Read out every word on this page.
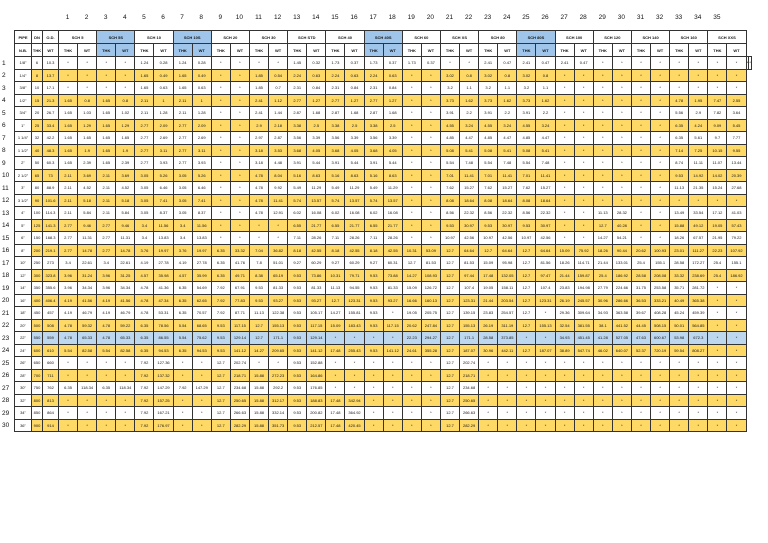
1 2 3 4 5 6 7 8 9 10 11 12 13 14 15 16 17 18 19 20 21 22 23 24 25 26 27 28 29 30 31 32 33 34 35
1
2
3
4
5
6
7
8
9
10
11
12
13
14
15
16
17
18
19
20
21
22
23
24
25
26
27
28
29
30
PIPE	DN	O.D.	SCH 5		SCH 5S		SCH 10		SCH 10S		SCH 20		SCH 30		SCH STD		SCH 40		SCH 40S		SCH 60		SCH XS		SCH 80		SCH 80S		SCH 100		SCH 120		SCH 140		SCH 160		SCH XXS			
N.B.	THK	WT	THK	WT	THK	WT	THK	WT	THK	WT	THK	WT	THK	WT	THK	WT	THK	WT	THK	WT	THK	WT	THK	WT	THK	WT	THK	WT	THK	WT	THK	WT	THK	WT	THK	WT	THK	WT		
1/8"	6	10.3	*	*	*	*	1.24	0.28	1.24	0.28	*	*	*	*	1.45	0.32	1.73	0.37	1.73	0.37	1.73	0.37	*	*	2.41	0.47	2.41	0.47	2.41	0.47	*	*	*	*	*	*	*	*	*	*
1/4"	8	13.7	*	*	*	*	1.65	0.49	1.65	0.49	*	*	1.85	0.54	2.24	0.63	2.24	0.63	2.24	0.63	*	*	3.02	0.8	3.02	0.8	3.02	0.8	*	*	*	*	*	*	*	*	*	*		
3/8"	10	17.1	*	*	*	*	1.65	0.63	1.65	0.63	*	*	1.85	0.7	2.31	0.84	2.31	0.84	2.31	0.84	*	*	3.2	1.1	3.2	1.1	3.2	1.1	*	*	*	*	*	*	*	*	*	*		
1/2"	15	21.3	1.65	0.8	1.65	0.8	2.11	1	2.11	1	*	*	2.41	1.12	2.77	1.27	2.77	1.27	2.77	1.27	*	*	3.73	1.62	3.73	1.62	3.73	1.62	*	*	*	*	*	*	4.78	1.95	7.47	2.55		
3/4"	20	26.7	1.65	1.03	1.65	1.02	2.11	1.28	2.11	1.28	*	*	2.41	1.44	2.87	1.68	2.87	1.68	2.87	1.68	*	*	3.91	2.2	3.91	2.2	3.91	2.2	*	*	*	*	*	*	5.56	2.9	7.82	3.64		
1"	25	33.4	1.65	1.29	1.65	1.29	2.77	2.09	2.77	2.09	*	*	2.9	2.18	3.38	2.5	3.38	2.5	3.38	2.5	*	*	4.55	3.24	4.55	3.24	4.55	3.24	*	*	*	*	*	*	6.35	4.24	9.09	5.45		
1 1/4"	32	42.2	1.65	1.65	1.65	1.65	2.77	2.69	2.77	2.69	*	*	2.97	2.87	3.56	3.39	3.56	3.39	3.56	3.39	*	*	4.85	4.47	4.85	4.47	4.85	4.47	*	*	*	*	*	*	6.35	5.61	9.7	7.77		
1 1/2"	40	48.3	1.65	1.9	1.65	1.9	2.77	3.11	2.77	3.11	*	*	3.18	3.53	3.68	4.05	3.68	4.05	3.68	4.05	*	*	5.08	5.41	5.08	5.41	5.08	5.41	*	*	*	*	*	*	7.14	7.25	10.15	9.55		
2"	50	60.3	1.65	2.39	1.65	2.39	2.77	3.93	2.77	3.93	*	*	3.18	4.48	3.91	5.44	3.91	5.44	3.91	5.44	*	*	5.54	7.48	5.54	7.48	5.54	7.48	*	*	*	*	*	*	8.74	11.11	11.07	13.44		
2 1/2"	65	73	2.11	3.69	2.11	3.69	3.05	5.26	3.05	5.26	*	*	4.78	8.04	5.16	8.63	5.16	8.63	5.16	8.63	*	*	7.01	11.41	7.01	11.41	7.01	11.41	*	*	*	*	*	*	9.53	14.92	14.02	20.39		
3"	80	88.9	2.11	4.52	2.11	4.52	3.05	6.46	3.05	6.46	*	*	4.78	9.92	5.49	11.29	5.49	11.29	5.49	11.29	*	*	7.62	15.27	7.62	15.27	7.62	15.27	*	*	*	*	*	*	11.13	21.35	15.24	27.68		
3 1/2"	90	101.6	2.11	5.18	2.11	5.18	3.05	7.41	3.05	7.41	*	*	4.78	11.41	5.74	13.57	5.74	13.57	5.74	13.57	*	*	8.08	18.64	8.08	18.64	8.08	18.64	*	*	*	*	*	*	*	*	*	*		
4"	100	114.3	2.11	5.84	2.11	5.84	3.05	8.37	3.05	8.37	*	*	4.78	12.91	6.02	16.08	6.02	16.08	6.02	16.08	*	*	8.56	22.32	8.56	22.32	8.56	22.32	*	*	11.13	28.32	*	*	13.49	33.54	17.12	41.03		
5"	125	141.3	2.77	9.46	2.77	9.46	3.4	11.56	3.4	11.56	*	*	*	*	6.55	21.77	6.55	21.77	6.55	21.77	*	*	9.53	30.97	9.53	30.97	9.53	30.97	*	*	12.7	40.28	*	*	15.88	49.12	19.05	57.43		
6"	150	168.3	2.77	11.31	2.77	11.31	3.4	13.83	3.4	13.83	*	*	*	*	7.11	28.26	7.11	28.26	7.11	28.26	*	*	10.97	42.56	10.97	42.56	10.97	42.56	*	*	14.27	54.21	*	*	18.26	67.57	21.95	79.22		
8"	200	219.1	2.77	14.78	2.77	14.78	3.76	19.97	3.76	19.97	6.35	33.32	7.04	36.82	8.18	42.55	8.18	42.55	8.18	42.55	10.31	53.09	12.7	64.64	12.7	64.64	12.7	64.64	15.09	75.92	18.26	90.44	20.62	100.93	23.01	111.27	22.23	107.92		
10"	250	273	3.4	22.61	3.4	22.61	4.19	27.78	4.19	27.78	6.35	41.76	7.8	51.01	9.27	60.29	9.27	60.29	9.27	60.31	12.7	81.53	12.7	81.53	15.09	95.98	12.7	81.56	18.26	114.71	21.44	133.01	25.4	155.1	28.58	172.27	25.4	155.1		
12"	300	323.8	3.96	31.24	3.96	31.25	4.57	35.98	4.57	35.99	6.35	49.71	8.38	65.19	9.53	73.86	10.31	79.71	9.53	73.88	14.27	108.93	12.7	97.44	17.48	132.05	12.7	97.47	21.44	159.87	25.4	186.92	28.58	208.08	33.32	238.69	25.4	186.92		
14"	350	355.6	3.96	34.34	3.96	34.34	4.78	41.36	6.35	54.69	7.92	67.91	9.53	81.33	9.53	81.33	11.13	94.55	9.53	81.33	15.09	126.72	12.7	107.4	19.05	158.11	12.7	107.4	23.83	194.98	27.79	224.66	31.75	253.58	35.71	281.72	*	*		
16"	400	406.4	4.19	41.56	4.19	41.56	4.78	47.34	6.35	62.65	7.92	77.83	9.53	93.27	9.53	93.27	12.7	123.31	9.53	93.27	16.66	160.13	12.7	123.31	21.44	203.54	12.7	123.31	26.19	245.57	30.96	286.66	36.53	333.21	40.49	365.38	*	*		
18"	450	457	4.19	46.79	4.19	46.79	4.78	53.31	6.35	70.57	7.92	87.71	11.13	122.38	9.53	105.17	14.27	155.81	9.53	*	19.05	205.75	12.7	139.15	23.83	254.57	12.7	*	29.36	309.64	34.93	363.58	39.67	408.28	45.24	459.39	*	*		
20"	500	508	4.78	59.32	4.78	59.22	6.35	78.56	5.54	68.65	9.53	117.15	12.7	155.13	9.53	117.15	15.09	183.43	9.53	117.15	20.62	247.84	12.7	155.13	26.19	311.19	12.7	155.13	32.54	381.55	38.1	441.52	44.45	508.15	50.01	564.85	*	*		
22"	550	559	4.78	65.33	4.78	65.33	6.35	86.55	5.54	75.62	9.53	129.14	12.7	171.1	9.53	129.14	*	*	*	*	22.23	294.27	12.7	171.1	28.58	373.85	*	*	34.93	451.45	41.28	527.05	47.63	600.67	53.98	672.3	*	*		
24"	600	610	5.54	82.58	5.54	82.58	6.35	94.53	6.35	94.53	9.53	141.12	14.27	209.65	9.53	141.12	17.48	255.43	9.53	141.12	24.61	355.28	12.7	187.07	30.96	442.11	12.7	187.07	38.89	547.74	46.02	640.07	52.37	720.19	59.54	808.27	*	*		
26"	650	660	*	*	*	*	7.92	127.36	*	*	12.7	202.74	*	*	9.53	152.88	*	*	*	*	*	*	12.7	202.74	*	*	*	*	*	*	*	*	*	*	*	*	*	*		
28"	700	711	*	*	*	*	7.92	137.32	*	*	12.7	218.71	15.88	272.23	9.53	164.86	*	*	*	*	*	*	12.7	218.71	*	*	*	*	*	*	*	*	*	*	*	*	*	*		
30"	750	762	6.35	118.34	6.35	118.34	7.92	147.29	7.92	147.29	12.7	234.68	15.88	292.2	9.53	176.85	*	*	*	*	*	*	12.7	234.68	*	*	*	*	*	*	*	*	*	*	*	*	*	*		
32"	800	813	*	*	*	*	7.92	157.25	*	*	12.7	250.65	15.88	312.17	9.53	188.83	17.48	342.94	*	*	*	*	12.7	250.65	*	*	*	*	*	*	*	*	*	*	*	*	*	*		
34"	850	864	*	*	*	*	7.92	167.21	*	*	12.7	266.63	15.88	332.14	9.53	200.82	17.48	364.92	*	*	*	*	12.7	266.63	*	*	*	*	*	*	*	*	*	*	*	*	*	*		
36"	900	914	*	*	*	*	7.92	176.97	*	*	12.7	282.29	15.88	351.73	9.53	212.57	17.48	420.45	*	*	*	*	12.7	282.29	*	*	*	*	*	*	*	*	*	*	*	*	*	*		
